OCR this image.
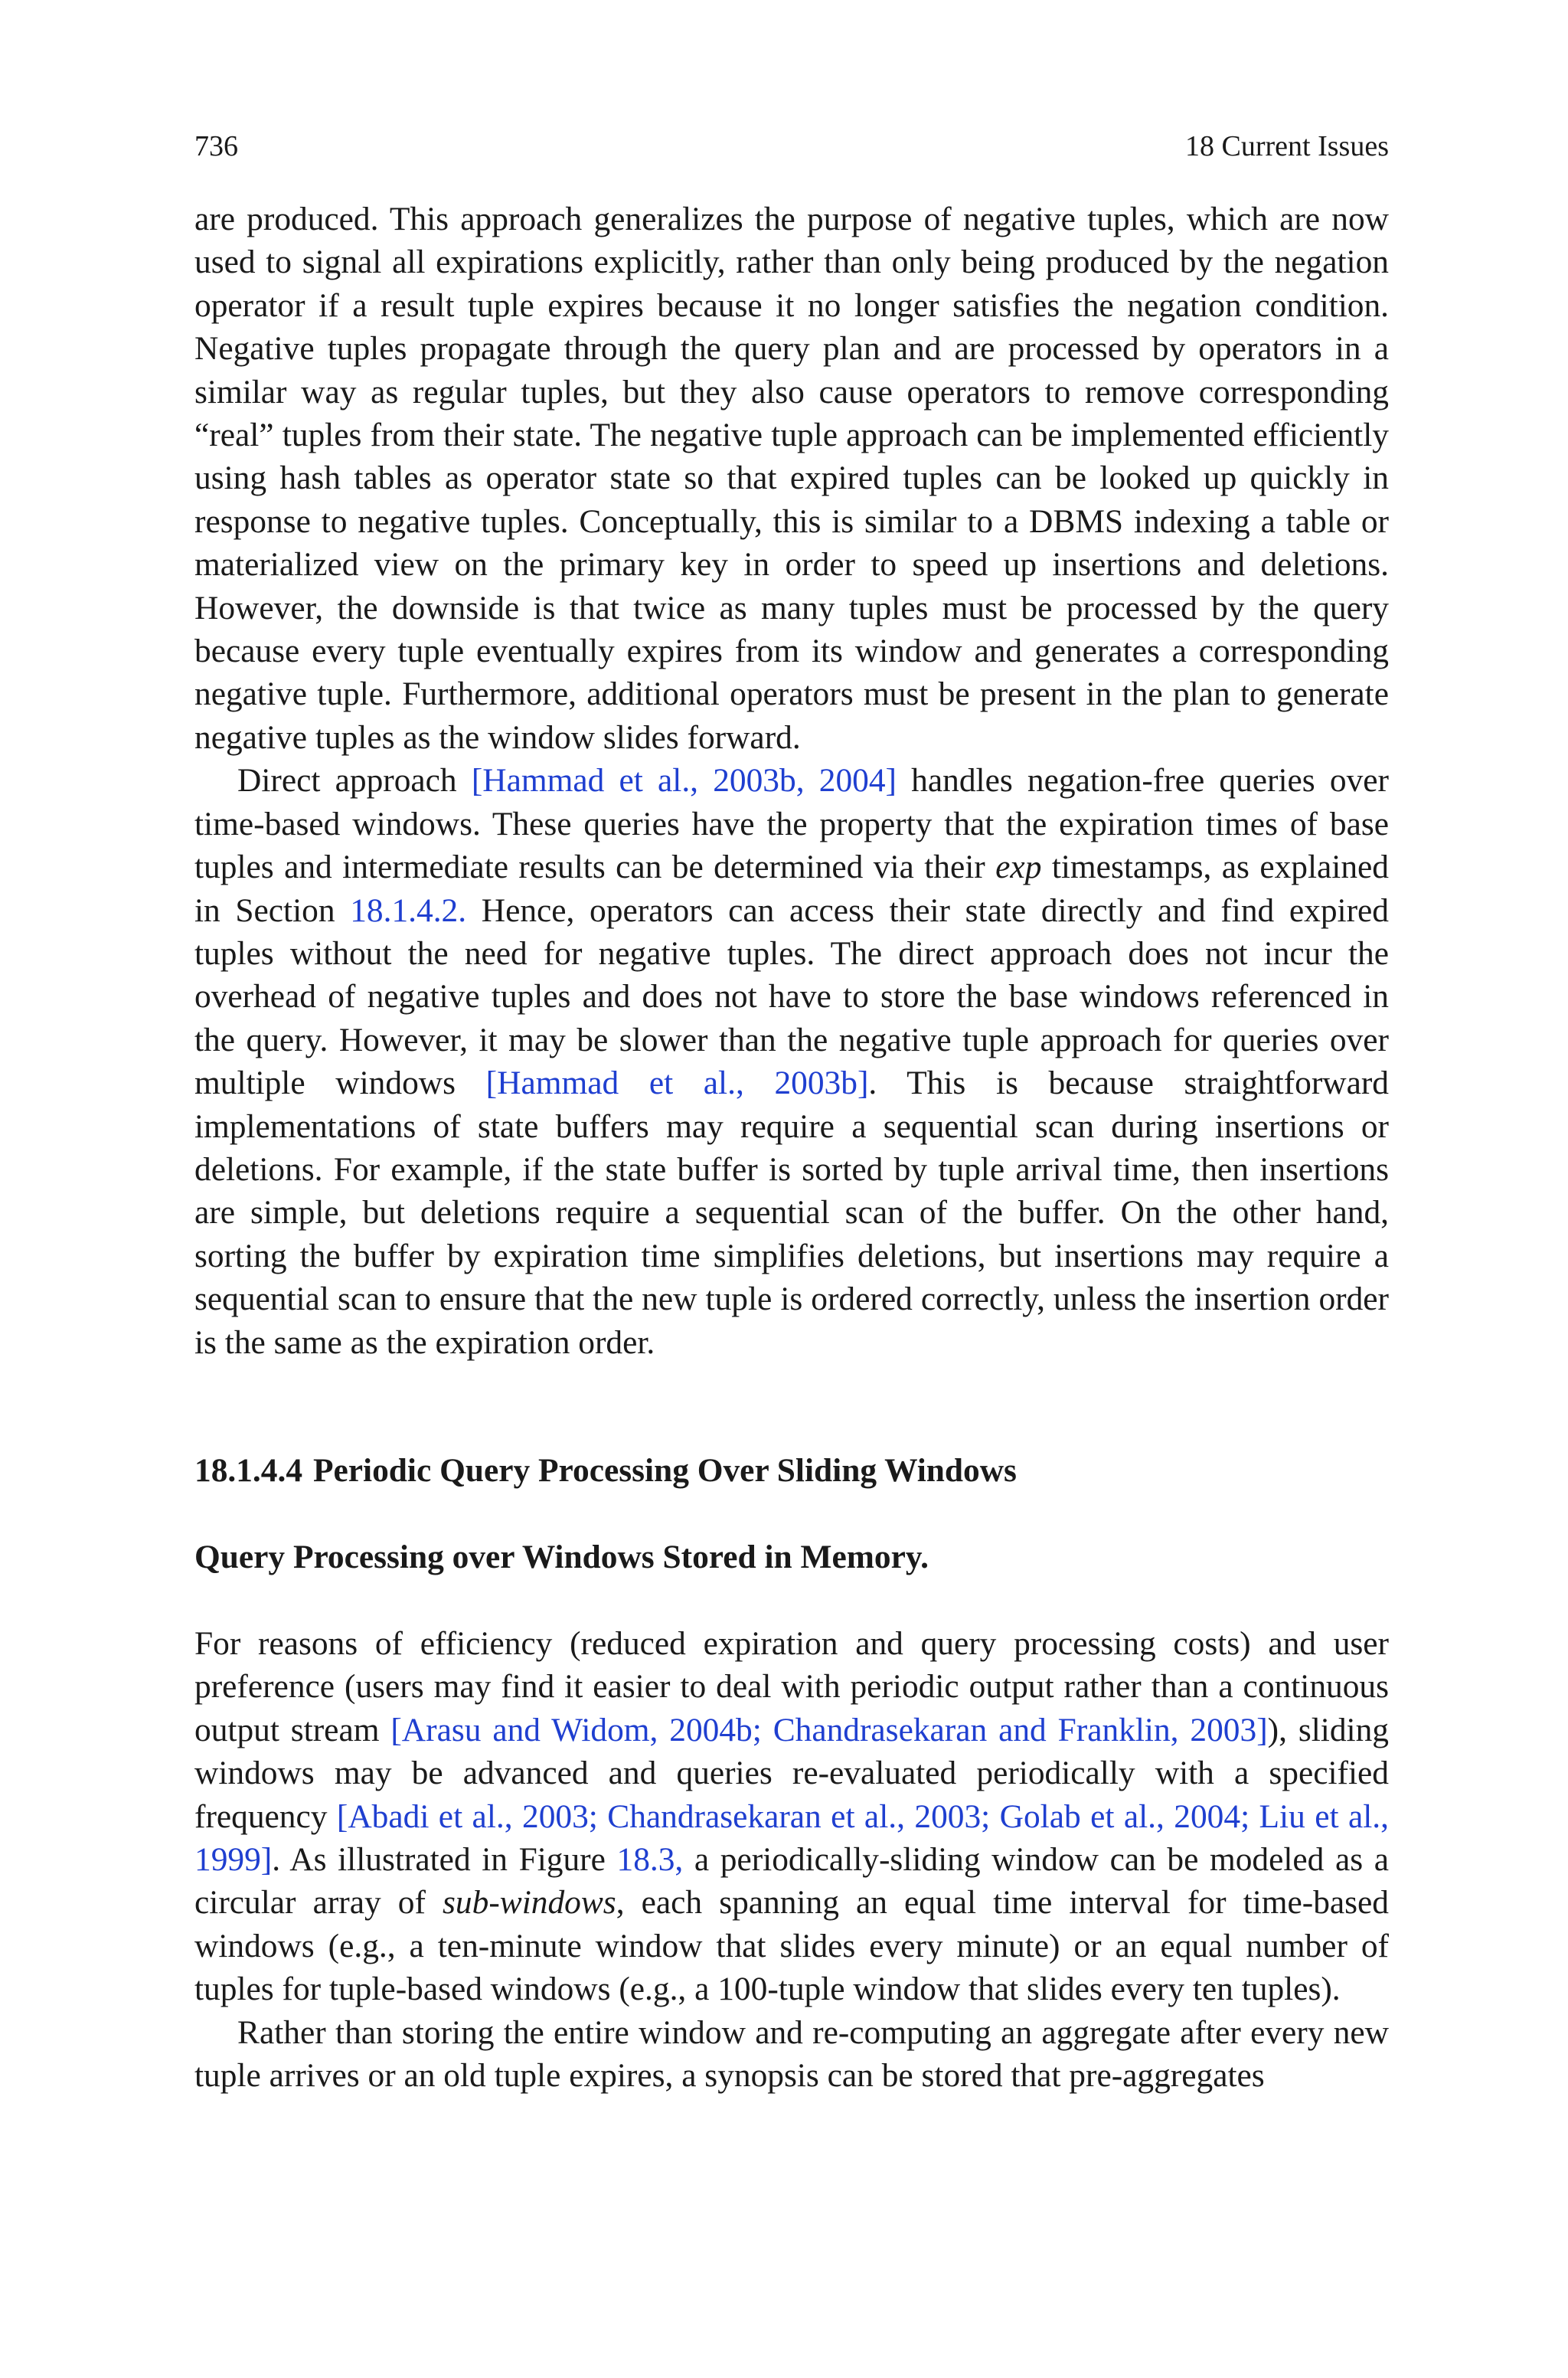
736	18 Current Issues

are produced. This approach generalizes the purpose of negative tuples, which are now used to signal all expirations explicitly, rather than only being produced by the negation operator if a result tuple expires because it no longer satisfies the negation condition. Negative tuples propagate through the query plan and are processed by operators in a similar way as regular tuples, but they also cause operators to remove corresponding “real” tuples from their state. The negative tuple approach can be implemented efficiently using hash tables as operator state so that expired tuples can be looked up quickly in response to negative tuples. Conceptually, this is similar to a DBMS indexing a table or materialized view on the primary key in order to speed up insertions and deletions. However, the downside is that twice as many tuples must be processed by the query because every tuple eventually expires from its window and generates a corresponding negative tuple. Furthermore, additional operators must be present in the plan to generate negative tuples as the window slides forward.

Direct approach [Hammad et al., 2003b, 2004] handles negation-free queries over time-based windows. These queries have the property that the expiration times of base tuples and intermediate results can be determined via their exp timestamps, as explained in Section 18.1.4.2. Hence, operators can access their state directly and find expired tuples without the need for negative tuples. The direct approach does not incur the overhead of negative tuples and does not have to store the base windows referenced in the query. However, it may be slower than the negative tuple approach for queries over multiple windows [Hammad et al., 2003b]. This is because straightforward implementations of state buffers may require a sequential scan during insertions or deletions. For example, if the state buffer is sorted by tuple arrival time, then insertions are simple, but deletions require a sequential scan of the buffer. On the other hand, sorting the buffer by expiration time simplifies deletions, but insertions may require a sequential scan to ensure that the new tuple is ordered correctly, unless the insertion order is the same as the expiration order.

18.1.4.4 Periodic Query Processing Over Sliding Windows
Query Processing over Windows Stored in Memory.

For reasons of efficiency (reduced expiration and query processing costs) and user preference (users may find it easier to deal with periodic output rather than a continuous output stream [Arasu and Widom, 2004b; Chandrasekaran and Franklin, 2003]), sliding windows may be advanced and queries re-evaluated periodically with a specified frequency [Abadi et al., 2003; Chandrasekaran et al., 2003; Golab et al., 2004; Liu et al., 1999]. As illustrated in Figure 18.3, a periodically-sliding window can be modeled as a circular array of sub-windows, each spanning an equal time interval for time-based windows (e.g., a ten-minute window that slides every minute) or an equal number of tuples for tuple-based windows (e.g., a 100-tuple window that slides every ten tuples).

Rather than storing the entire window and re-computing an aggregate after every new tuple arrives or an old tuple expires, a synopsis can be stored that pre-aggregates
